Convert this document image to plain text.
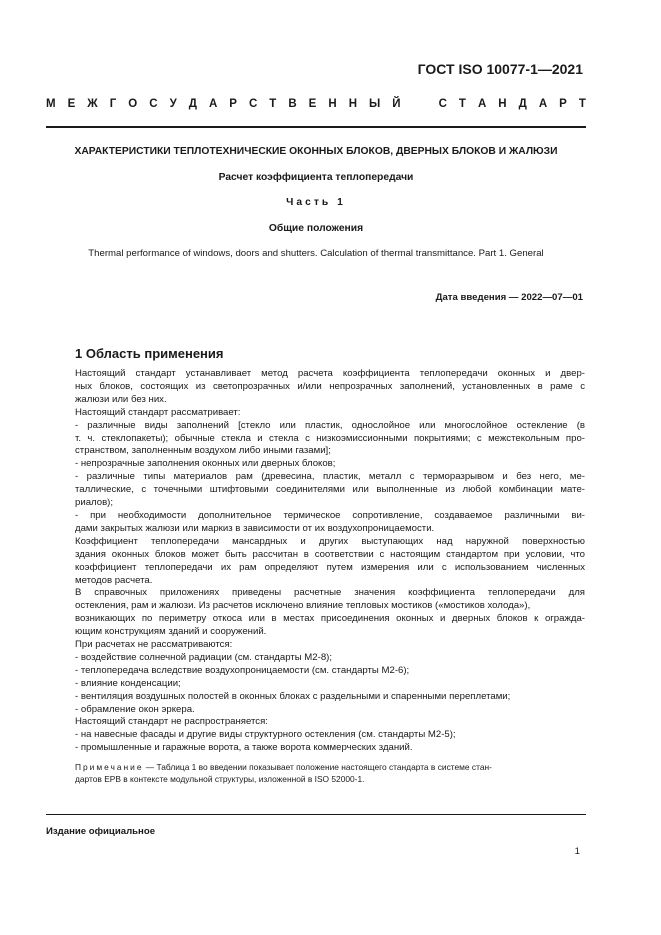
ГОСТ ISO 10077-1—2021
М Е Ж Г О С У Д А Р С Т В Е Н Н Ы Й	С Т А Н Д А Р Т
ХАРАКТЕРИСТИКИ ТЕПЛОТЕХНИЧЕСКИЕ ОКОННЫХ БЛОКОВ, ДВЕРНЫХ БЛОКОВ И ЖАЛЮЗИ
Расчет коэффициента теплопередачи
Часть 1
Общие положения
Thermal performance of windows, doors and shutters. Calculation of thermal transmittance. Part 1. General
Дата введения — 2022—07—01
1 Область применения
Настоящий стандарт устанавливает метод расчета коэффициента теплопередачи оконных и двер-
ных блоков, состоящих из светопрозрачных и/или непрозрачных заполнений, установленных в раме с
жалюзи или без них.
Настоящий стандарт рассматривает:
- различные виды заполнений [стекло или пластик, однослойное или многослойное остекление (в
т. ч. стеклопакеты); обычные стекла и стекла с низкоэмиссионными покрытиями; с межстекольным про-
странством, заполненным воздухом либо иными газами];
- непрозрачные заполнения оконных или дверных блоков;
- различные типы материалов рам (древесина, пластик, металл с терморазрывом и без него, ме-
таллические, с точечными штифтовыми соединителями или выполненные из любой комбинации матe-
риалов);
- при необходимости дополнительное термическое сопротивление, создаваемое различными ви-
дами закрытых жалюзи или маркиз в зависимости от их воздухопроницаемости.
Коэффициент теплопередачи мансардных и других выступающих над наружной поверхностью
здания оконных блоков может быть рассчитан в соответствии с настоящим стандартом при условии, что
коэффициент теплопередачи их рам определяют путем измерения или с использованием численных
методов расчета.
В справочных приложениях приведены расчетные значения коэффициента теплопередачи для
остекления, рам и жалюзи. Из расчетов исключено влияние тепловых мостиков («мостиков холода»),
возникающих по периметру откоса или в местах присоединения оконных и дверных блоков к огражда-
ющим конструкциям зданий и сооружений.
При расчетах не рассматриваются:
- воздействие солнечной радиации (см. стандарты М2-8);
- теплопередача вследствие воздухопроницаемости (см. стандарты М2-6);
- влияние конденсации;
- вентиляция воздушных полостей в оконных блоках с раздельными и спаренными переплетами;
- обрамление окон эркера.
Настоящий стандарт не распространяется:
- на навесные фасады и другие виды структурного остекления (см. стандарты М2-5);
- промышленные и гаражные ворота, а также ворота коммерческих зданий.
Примечание — Таблица 1 во введении показывает положение настоящего стандарта в системе стан-
дартов EPB в контексте модульной структуры, изложенной в ISO 52000-1.
Издание официальное
1
